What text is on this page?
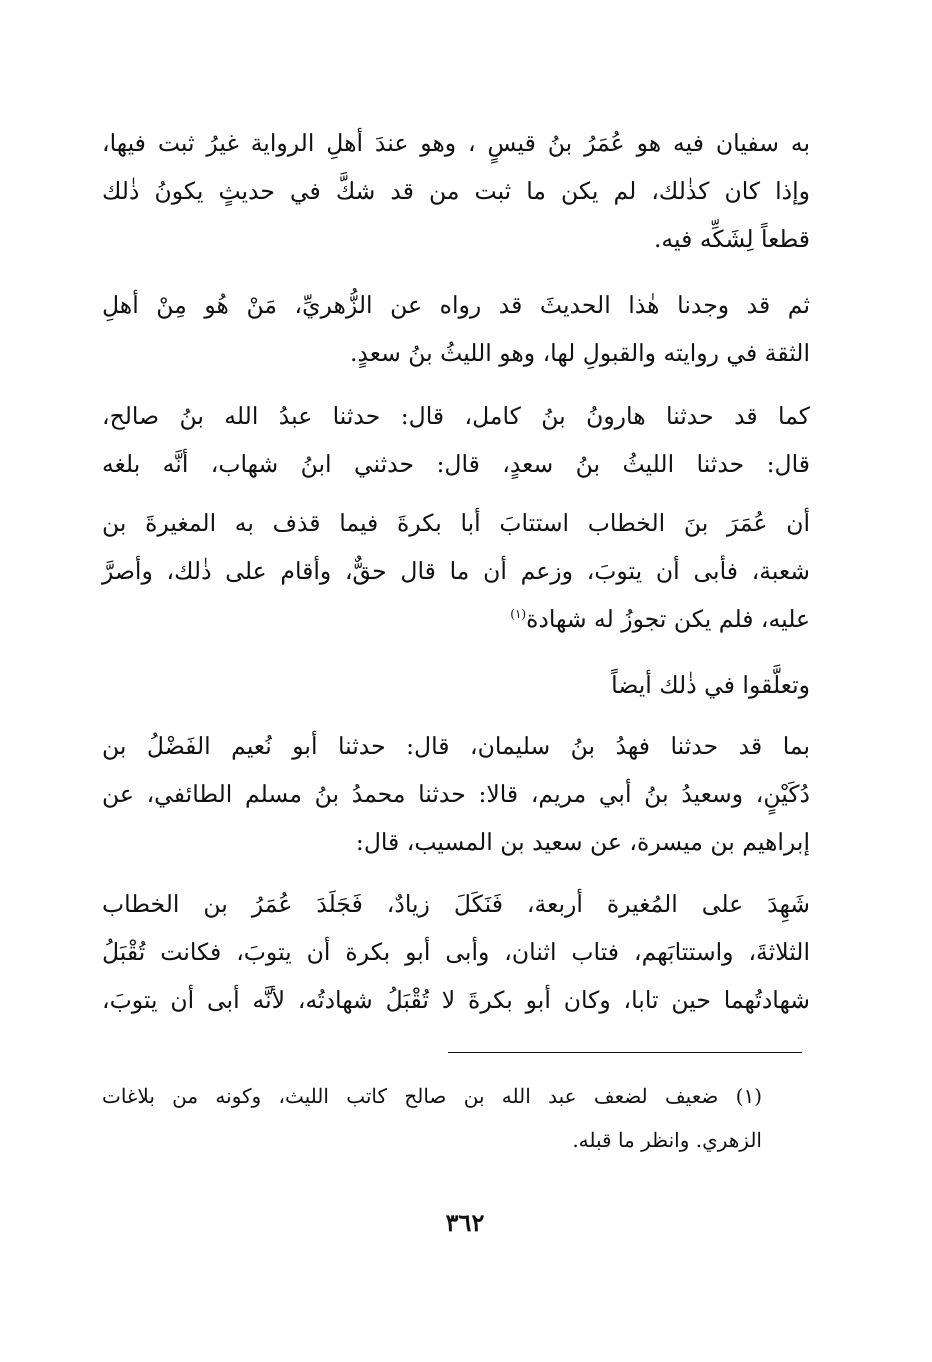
به سفيان فيه هو عُمَرُ بنُ قيسٍ ، وهو عندَ أهلِ الرواية غيرُ ثبت فيها،
وإذا كان كذٰلك، لم يكن ما ثبت من قد شكَّ في حديثٍ يكونُ ذٰلك
قطعاً لِشَكِّه فيه.
ثم قد وجدنا هٰذا الحديثَ قد رواه عن الزُّهريِّ، مَنْ هُو مِنْ أهلِ
الثقة في روايته والقبولِ لها، وهو الليثُ بنُ سعدٍ.
كما قد حدثنا هارونُ بنُ كامل، قال: حدثنا عبدُ الله بنُ صالح،
قال: حدثنا الليثُ بنُ سعدٍ، قال: حدثني ابنُ شهاب، أنَّه بلغه
أن عُمَرَ بنَ الخطاب استتابَ أبا بكرةَ فيما قذف به المغيرةَ بن
شعبة، فأبى أن يتوبَ، وزعم أن ما قال حقٌّ، وأقام على ذٰلك، وأصرَّ
عليه، فلم يكن تجوزُ له شهادة$^{(١)}$
وتعلَّقوا في ذٰلك أيضاً
بما قد حدثنا فهدُ بنُ سليمان، قال: حدثنا أبو نُعيم الفَضْلُ بن
دُكَيْنٍ، وسعيدُ بنُ أبي مريم، قالا: حدثنا محمدُ بنُ مسلم الطائفي، عن
إبراهيم بن ميسرة، عن سعيد بن المسيب، قال:
شَهِدَ على المُغيرة أربعة، فَنَكَلَ زيادٌ، فَجَلَدَ عُمَرُ بن الخطاب
الثلاثةَ، واستتابَهم، فتاب اثنان، وأبى أبو بكرة أن يتوبَ، فكانت تُقْبَلُ
شهادتُهما حين تابا، وكان أبو بكرةَ لا تُقْبَلُ شهادتُه، لأنَّه أبى أن يتوبَ،
(١) ضعيف لضعف عبد الله بن صالح كاتب الليث، وكونه من بلاغات
الزهري. وانظر ما قبله.
٣٦٢
